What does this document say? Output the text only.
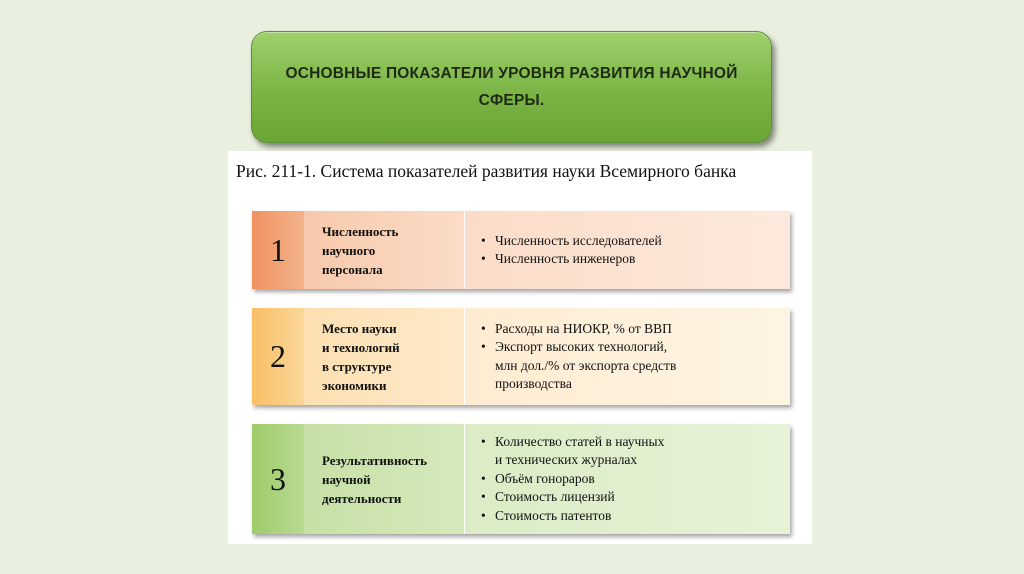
ОСНОВНЫЕ ПОКАЗАТЕЛИ УРОВНЯ РАЗВИТИЯ НАУЧНОЙ СФЕРЫ.
Рис. 211-1. Система показателей развития науки Всемирного банка
1
Численность
научного
персонала
• Численность исследователей
• Численность инженеров
2
Место науки
и технологий
в структуре
экономики
• Расходы на НИОКР, % от ВВП
• Экспорт высоких технологий,
млн дол./% от экспорта средств
производства
3
Результативность
научной
деятельности
• Количество статей в научных
и технических журналах
• Объём гонораров
• Стоимость лицензий
• Стоимость патентов
